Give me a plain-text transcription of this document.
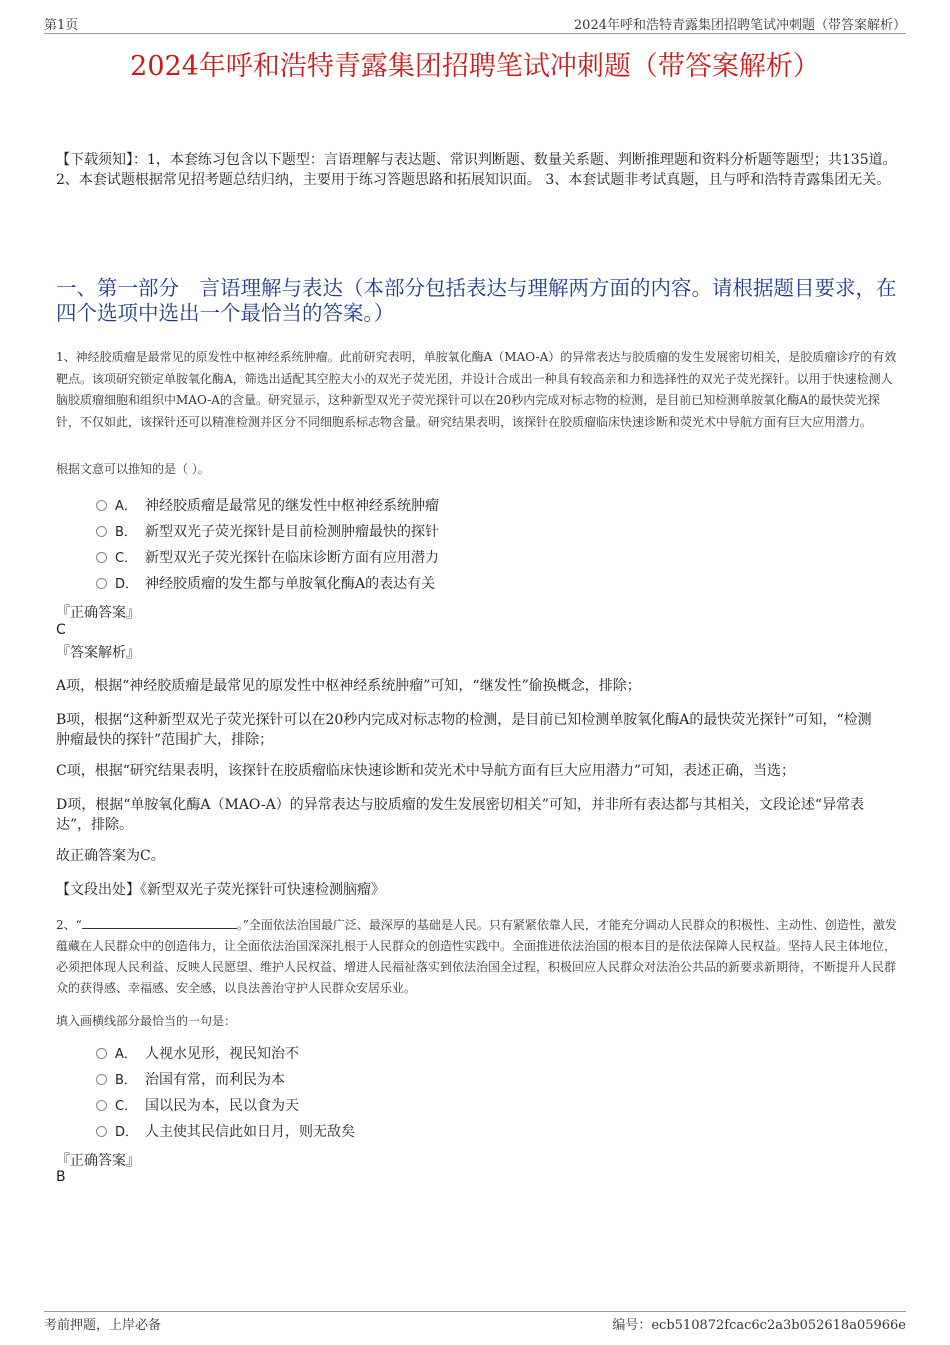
第1页	2024年呼和浩特青露集团招聘笔试冲刺题（带答案解析）
2024年呼和浩特青露集团招聘笔试冲刺题（带答案解析）
【下载须知】：1，本套练习包含以下题型：言语理解与表达题、常识判断题、数量关系题、判断推理题和资料分析题等题型；共135道。 2、本套试题根据常见招考题总结归纳，主要用于练习答题思路和拓展知识面。 3、本套试题非考试真题，且与呼和浩特青露集团无关。
一、第一部分　言语理解与表达（本部分包括表达与理解两方面的内容。请根据题目要求，在四个选项中选出一个最恰当的答案。）
1、神经胶质瘤是最常见的原发性中枢神经系统肿瘤。此前研究表明，单胺氧化酶A（MAO-A）的异常表达与胶质瘤的发生发展密切相关，是胶质瘤诊疗的有效靶点。该项研究锁定单胺氧化酶A，筛选出适配其空腔大小的双光子荧光团，并设计合成出一种具有较高亲和力和选择性的双光子荧光探针。以用于快速检测人脑胶质瘤细胞和组织中MAO-A的含量。研究显示，这种新型双光子荧光探针可以在20秒内完成对标志物的检测，是目前已知检测单胺氧化酶A的最快荧光探针，不仅如此，该探针还可以精准检测并区分不同细胞系标志物含量。研究结果表明，该探针在胶质瘤临床快速诊断和荧光术中导航方面有巨大应用潜力。
根据文意可以推知的是（ ）。
A． 神经胶质瘤是最常见的继发性中枢神经系统肿瘤
B． 新型双光子荧光探针是目前检测肿瘤最快的探针
C． 新型双光子荧光探针在临床诊断方面有应用潜力
D． 神经胶质瘤的发生都与单胺氧化酶A的表达有关
『正确答案』
C
『答案解析』
A项，根据“神经胶质瘤是最常见的原发性中枢神经系统肿瘤”可知，“继发性”偷换概念，排除；
B项，根据“这种新型双光子荧光探针可以在20秒内完成对标志物的检测，是目前已知检测单胺氧化酶A的最快荧光探针”可知，“检测肿瘤最快的探针”范围扩大，排除；
C项，根据“研究结果表明，该探针在胶质瘤临床快速诊断和荧光术中导航方面有巨大应用潜力”可知，表述正确，当选；
D项，根据“单胺氧化酶A（MAO-A）的异常表达与胶质瘤的发生发展密切相关”可知，并非所有表达都与其相关，文段论述“异常表达”，排除。
故正确答案为C。
【文段出处】《新型双光子荧光探针可快速检测脑瘤》
2、“	。”全面依法治国最广泛、最深厚的基础是人民。只有紧紧依靠人民，才能充分调动人民群众的积极性、主动性、创造性，激发蕴藏在人民群众中的创造伟力，让全面依法治国深深扎根于人民群众的创造性实践中。全面推进依法治国的根本目的是依法保障人民权益。坚持人民主体地位，必须把体现人民利益、反映人民愿望、维护人民权益、增进人民福祉落实到依法治国全过程，积极回应人民群众对法治公共品的新要求新期待，不断提升人民群众的获得感、幸福感、安全感，以良法善治守护人民群众安居乐业。
填入画横线部分最恰当的一句是：
A． 人视水见形，视民知治不
B． 治国有常，而利民为本
C． 国以民为本，民以食为天
D． 人主使其民信此如日月，则无敌矣
『正确答案』
B
考前押题，上岸必备	编号：ecb510872fcac6c2a3b052618a05966e
